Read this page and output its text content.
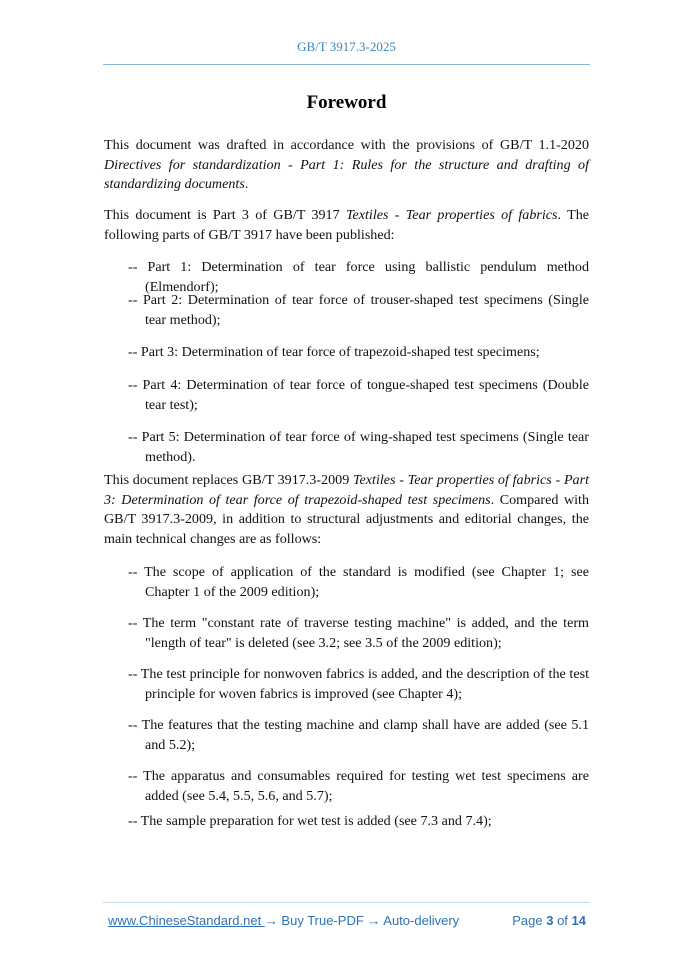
GB/T 3917.3-2025
Foreword

This document was drafted in accordance with the provisions of GB/T 1.1-2020 Directives for standardization - Part 1: Rules for the structure and drafting of standardizing documents.

This document is Part 3 of GB/T 3917 Textiles - Tear properties of fabrics. The following parts of GB/T 3917 have been published:

-- Part 1: Determination of tear force using ballistic pendulum method (Elmendorf);
-- Part 2: Determination of tear force of trouser-shaped test specimens (Single tear method);
-- Part 3: Determination of tear force of trapezoid-shaped test specimens;
-- Part 4: Determination of tear force of tongue-shaped test specimens (Double tear test);
-- Part 5: Determination of tear force of wing-shaped test specimens (Single tear method).

This document replaces GB/T 3917.3-2009 Textiles - Tear properties of fabrics - Part 3: Determination of tear force of trapezoid-shaped test specimens. Compared with GB/T 3917.3-2009, in addition to structural adjustments and editorial changes, the main technical changes are as follows:

-- The scope of application of the standard is modified (see Chapter 1; see Chapter 1 of the 2009 edition);
-- The term "constant rate of traverse testing machine" is added, and the term "length of tear" is deleted (see 3.2; see 3.5 of the 2009 edition);
-- The test principle for nonwoven fabrics is added, and the description of the test principle for woven fabrics is improved (see Chapter 4);
-- The features that the testing machine and clamp shall have are added (see 5.1 and 5.2);
-- The apparatus and consumables required for testing wet test specimens are added (see 5.4, 5.5, 5.6, and 5.7);
-- The sample preparation for wet test is added (see 7.3 and 7.4);
www.ChineseStandard.net → Buy True-PDF → Auto-delivery	Page 3 of 14
